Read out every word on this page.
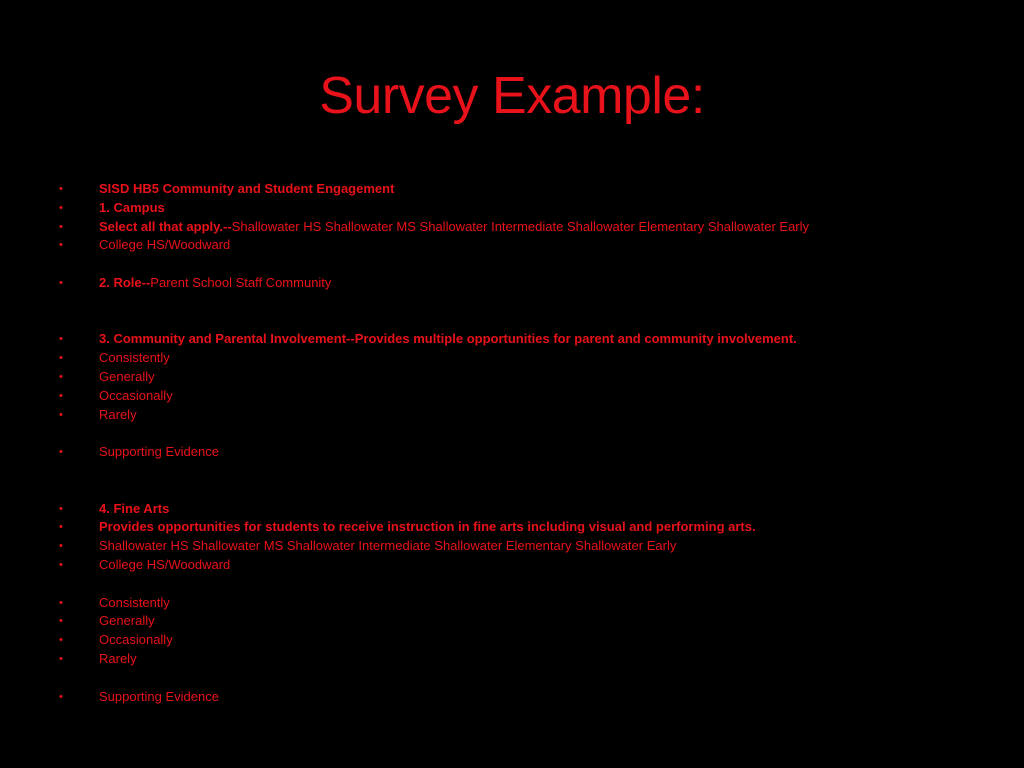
Survey Example:
•	SISD HB5 Community and Student Engagement
•	1. Campus
•	Select all that apply.--Shallowater HS Shallowater MS Shallowater Intermediate Shallowater Elementary Shallowater Early
•	College HS/Woodward
•	2. Role--Parent School Staff Community
•	3. Community and Parental Involvement--Provides multiple opportunities for parent and community involvement.
•	Consistently
•	Generally
•	Occasionally
•	Rarely
•	Supporting Evidence
•	4. Fine Arts
•	Provides opportunities for students to receive instruction in fine arts including visual and performing arts.
•	Shallowater HS Shallowater MS Shallowater Intermediate Shallowater Elementary Shallowater Early
•	College HS/Woodward
•	Consistently
•	Generally
•	Occasionally
•	Rarely
•	Supporting Evidence
